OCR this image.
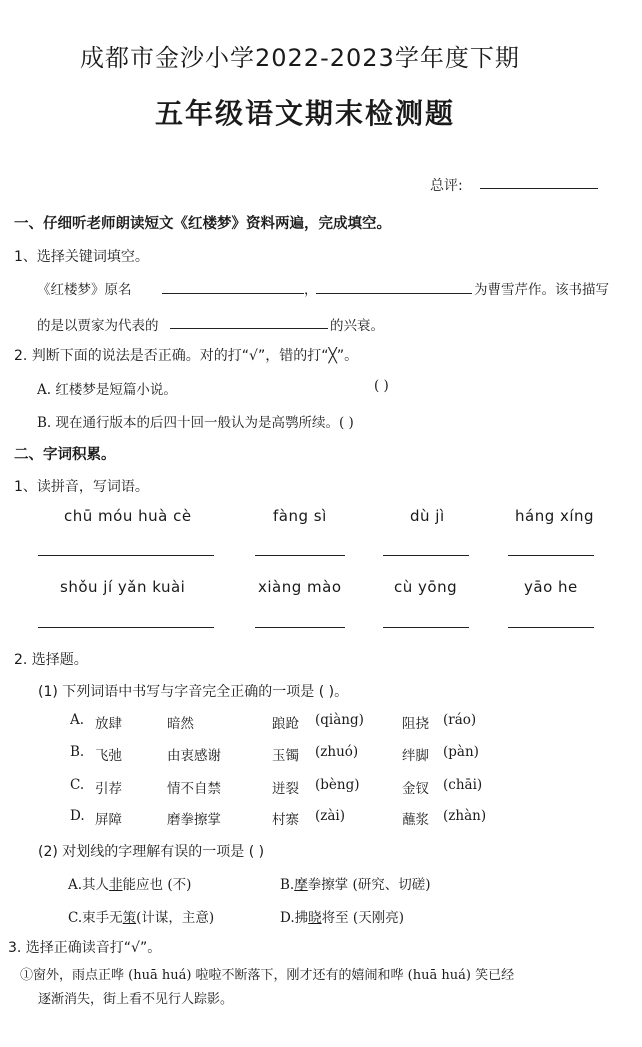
成都市金沙小学2022-2023学年度下期
五年级语文期末检测题
总评:
一、仔细听老师朗读短文《红楼梦》资料两遍，完成填空。
1、选择关键词填空。
《红楼梦》原名	，	为曹雪芹作。该书描写
的是以贾家为代表的	的兴衰。
2. 判断下面的说法是否正确。对的打“√”，错的打“╳”。
A. 红楼梦是短篇小说。	( )
B. 现在通行版本的后四十回一般认为是高鹗所续。( )
二、字词积累。
1、读拼音，写词语。
chū móu huà cè	fàng sì	dù jì	háng xíng
shǒu jí yǎn kuài	xiàng mào	cù yōng	yāo he
2. 选择题。
(1) 下列词语中书写与字音完全正确的一项是 ( )。
A. 放肆	暗然	踉跄 (qiàng)	阻挠 (ráo)
B. 飞弛	由衷感谢	玉镯 (zhuó)	绊脚 (pàn)
C. 引荐	情不自禁	迸裂 (bèng)	金钗 (chāi)
D. 屏障	磨拳擦掌	村寨 (zài)	蘸浆 (zhàn)
(2) 对划线的字理解有误的一项是 ( )
A.其人非能应也 (不)	B.摩拳擦掌 (研究、切磋)
C.束手无策(计谋，主意)	D.拂晓将至 (天刚亮)
3. 选择正确读音打“√”。
①窗外，雨点正哗 (huā huá) 啦啦不断落下，刚才还有的嬉闹和哗 (huā huá) 笑已经
逐渐消失，街上看不见行人踪影。
